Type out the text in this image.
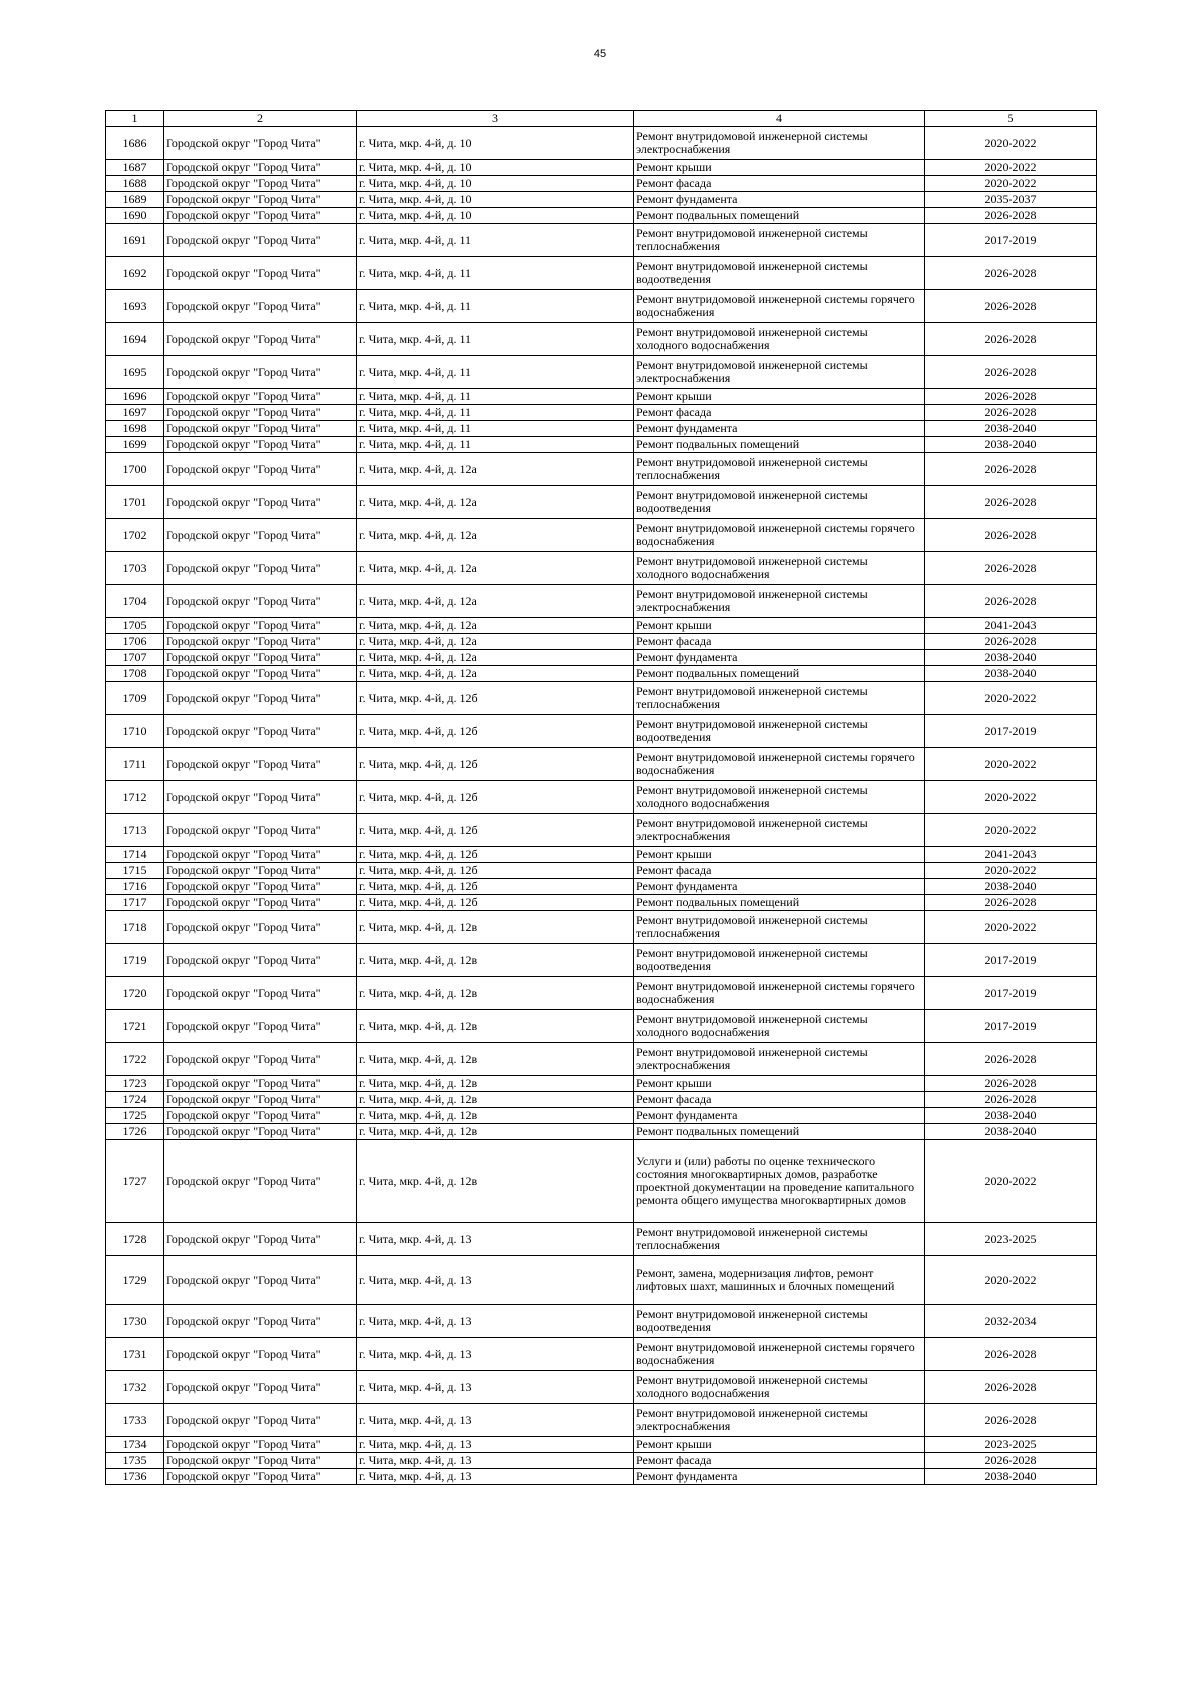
45
1	2	3	4	5
1686	Городской округ "Город Чита"	г. Чита, мкр. 4-й, д. 10	Ремонт внутридомовой инженерной системы электроснабжения	2020-2022
1687	Городской округ "Город Чита"	г. Чита, мкр. 4-й, д. 10	Ремонт крыши	2020-2022
1688	Городской округ "Город Чита"	г. Чита, мкр. 4-й, д. 10	Ремонт фасада	2020-2022
1689	Городской округ "Город Чита"	г. Чита, мкр. 4-й, д. 10	Ремонт фундамента	2035-2037
1690	Городской округ "Город Чита"	г. Чита, мкр. 4-й, д. 10	Ремонт подвальных помещений	2026-2028
1691	Городской округ "Город Чита"	г. Чита, мкр. 4-й, д. 11	Ремонт внутридомовой инженерной системы теплоснабжения	2017-2019
1692	Городской округ "Город Чита"	г. Чита, мкр. 4-й, д. 11	Ремонт внутридомовой инженерной системы водоотведения	2026-2028
1693	Городской округ "Город Чита"	г. Чита, мкр. 4-й, д. 11	Ремонт внутридомовой инженерной системы горячего водоснабжения	2026-2028
1694	Городской округ "Город Чита"	г. Чита, мкр. 4-й, д. 11	Ремонт внутридомовой инженерной системы холодного водоснабжения	2026-2028
1695	Городской округ "Город Чита"	г. Чита, мкр. 4-й, д. 11	Ремонт внутридомовой инженерной системы электроснабжения	2026-2028
1696	Городской округ "Город Чита"	г. Чита, мкр. 4-й, д. 11	Ремонт крыши	2026-2028
1697	Городской округ "Город Чита"	г. Чита, мкр. 4-й, д. 11	Ремонт фасада	2026-2028
1698	Городской округ "Город Чита"	г. Чита, мкр. 4-й, д. 11	Ремонт фундамента	2038-2040
1699	Городской округ "Город Чита"	г. Чита, мкр. 4-й, д. 11	Ремонт подвальных помещений	2038-2040
1700	Городской округ "Город Чита"	г. Чита, мкр. 4-й, д. 12а	Ремонт внутридомовой инженерной системы теплоснабжения	2026-2028
1701	Городской округ "Город Чита"	г. Чита, мкр. 4-й, д. 12а	Ремонт внутридомовой инженерной системы водоотведения	2026-2028
1702	Городской округ "Город Чита"	г. Чита, мкр. 4-й, д. 12а	Ремонт внутридомовой инженерной системы горячего водоснабжения	2026-2028
1703	Городской округ "Город Чита"	г. Чита, мкр. 4-й, д. 12а	Ремонт внутридомовой инженерной системы холодного водоснабжения	2026-2028
1704	Городской округ "Город Чита"	г. Чита, мкр. 4-й, д. 12а	Ремонт внутридомовой инженерной системы электроснабжения	2026-2028
1705	Городской округ "Город Чита"	г. Чита, мкр. 4-й, д. 12а	Ремонт крыши	2041-2043
1706	Городской округ "Город Чита"	г. Чита, мкр. 4-й, д. 12а	Ремонт фасада	2026-2028
1707	Городской округ "Город Чита"	г. Чита, мкр. 4-й, д. 12а	Ремонт фундамента	2038-2040
1708	Городской округ "Город Чита"	г. Чита, мкр. 4-й, д. 12а	Ремонт подвальных помещений	2038-2040
1709	Городской округ "Город Чита"	г. Чита, мкр. 4-й, д. 12б	Ремонт внутридомовой инженерной системы теплоснабжения	2020-2022
1710	Городской округ "Город Чита"	г. Чита, мкр. 4-й, д. 12б	Ремонт внутридомовой инженерной системы водоотведения	2017-2019
1711	Городской округ "Город Чита"	г. Чита, мкр. 4-й, д. 12б	Ремонт внутридомовой инженерной системы горячего водоснабжения	2020-2022
1712	Городской округ "Город Чита"	г. Чита, мкр. 4-й, д. 12б	Ремонт внутридомовой инженерной системы холодного водоснабжения	2020-2022
1713	Городской округ "Город Чита"	г. Чита, мкр. 4-й, д. 12б	Ремонт внутридомовой инженерной системы электроснабжения	2020-2022
1714	Городской округ "Город Чита"	г. Чита, мкр. 4-й, д. 12б	Ремонт крыши	2041-2043
1715	Городской округ "Город Чита"	г. Чита, мкр. 4-й, д. 12б	Ремонт фасада	2020-2022
1716	Городской округ "Город Чита"	г. Чита, мкр. 4-й, д. 12б	Ремонт фундамента	2038-2040
1717	Городской округ "Город Чита"	г. Чита, мкр. 4-й, д. 12б	Ремонт подвальных помещений	2026-2028
1718	Городской округ "Город Чита"	г. Чита, мкр. 4-й, д. 12в	Ремонт внутридомовой инженерной системы теплоснабжения	2020-2022
1719	Городской округ "Город Чита"	г. Чита, мкр. 4-й, д. 12в	Ремонт внутридомовой инженерной системы водоотведения	2017-2019
1720	Городской округ "Город Чита"	г. Чита, мкр. 4-й, д. 12в	Ремонт внутридомовой инженерной системы горячего водоснабжения	2017-2019
1721	Городской округ "Город Чита"	г. Чита, мкр. 4-й, д. 12в	Ремонт внутридомовой инженерной системы холодного водоснабжения	2017-2019
1722	Городской округ "Город Чита"	г. Чита, мкр. 4-й, д. 12в	Ремонт внутридомовой инженерной системы электроснабжения	2026-2028
1723	Городской округ "Город Чита"	г. Чита, мкр. 4-й, д. 12в	Ремонт крыши	2026-2028
1724	Городской округ "Город Чита"	г. Чита, мкр. 4-й, д. 12в	Ремонт фасада	2026-2028
1725	Городской округ "Город Чита"	г. Чита, мкр. 4-й, д. 12в	Ремонт фундамента	2038-2040
1726	Городской округ "Город Чита"	г. Чита, мкр. 4-й, д. 12в	Ремонт подвальных помещений	2038-2040
1727	Городской округ "Город Чита"	г. Чита, мкр. 4-й, д. 12в	Услуги и (или) работы по оценке технического состояния многоквартирных домов, разработке проектной документации на проведение капитального ремонта общего имущества многоквартирных домов	2020-2022
1728	Городской округ "Город Чита"	г. Чита, мкр. 4-й, д. 13	Ремонт внутридомовой инженерной системы теплоснабжения	2023-2025
1729	Городской округ "Город Чита"	г. Чита, мкр. 4-й, д. 13	Ремонт, замена, модернизация лифтов, ремонт лифтовых шахт, машинных и блочных помещений	2020-2022
1730	Городской округ "Город Чита"	г. Чита, мкр. 4-й, д. 13	Ремонт внутридомовой инженерной системы водоотведения	2032-2034
1731	Городской округ "Город Чита"	г. Чита, мкр. 4-й, д. 13	Ремонт внутридомовой инженерной системы горячего водоснабжения	2026-2028
1732	Городской округ "Город Чита"	г. Чита, мкр. 4-й, д. 13	Ремонт внутридомовой инженерной системы холодного водоснабжения	2026-2028
1733	Городской округ "Город Чита"	г. Чита, мкр. 4-й, д. 13	Ремонт внутридомовой инженерной системы электроснабжения	2026-2028
1734	Городской округ "Город Чита"	г. Чита, мкр. 4-й, д. 13	Ремонт крыши	2023-2025
1735	Городской округ "Город Чита"	г. Чита, мкр. 4-й, д. 13	Ремонт фасада	2026-2028
1736	Городской округ "Город Чита"	г. Чита, мкр. 4-й, д. 13	Ремонт фундамента	2038-2040
